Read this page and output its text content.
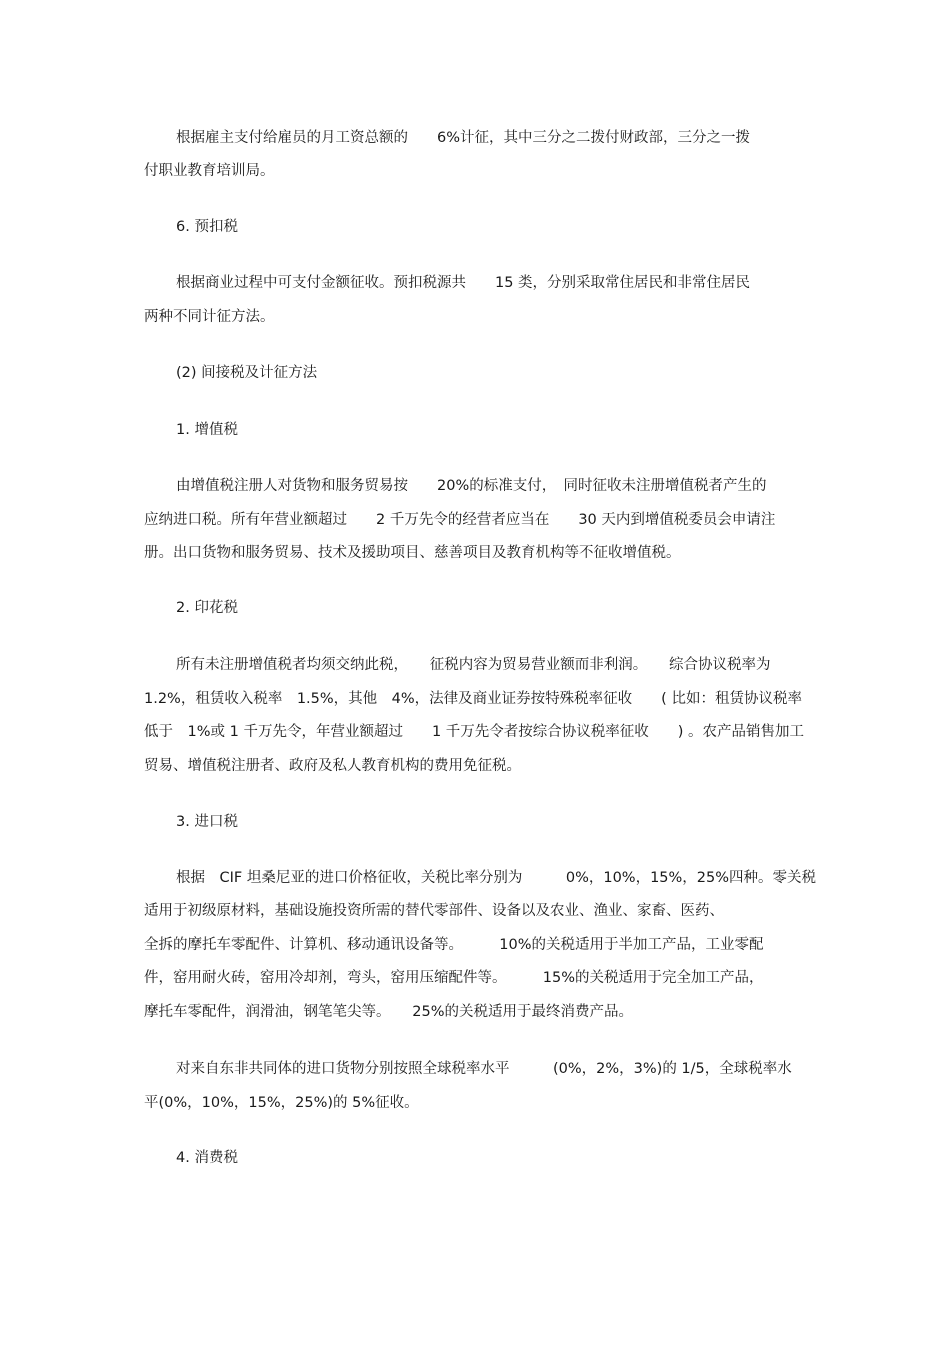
根据雇主支付给雇员的月工资总额的　　6%计征，其中三分之二拨付财政部，三分之一拨
付职业教育培训局。
6. 预扣税
根据商业过程中可支付金额征收。预扣税源共　　15 类，分别采取常住居民和非常住居民
两种不同计征方法。
(2) 间接税及计征方法
1. 增值税
由增值税注册人对货物和服务贸易按　　20%的标准支付，　同时征收未注册增值税者产生的
应纳进口税。所有年营业额超过　　2 千万先令的经营者应当在　　30 天内到增值税委员会申请注
册。出口货物和服务贸易、技术及援助项目、慈善项目及教育机构等不征收增值税。
2. 印花税
所有未注册增值税者均须交纳此税，　　征税内容为贸易营业额而非利润。　　综合协议税率为
1.2%，租赁收入税率　1.5%，其他　4%，法律及商业证券按特殊税率征收　　( 比如：租赁协议税率
低于　1%或 1 千万先令，年营业额超过　　1 千万先令者按综合协议税率征收　　) 。农产品销售加工
贸易、增值税注册者、政府及私人教育机构的费用免征税。
3. 进口税
根据　CIF 坦桑尼亚的进口价格征收，关税比率分别为　　　0%，10%，15%，25%四种。零关税
适用于初级原材料，基础设施投资所需的替代零部件、设备以及农业、渔业、家畜、医药、
全拆的摩托车零配件、计算机、移动通讯设备等。　　　10%的关税适用于半加工产品，工业零配
件，窑用耐火砖，窑用冷却剂，弯头，窑用压缩配件等。　　　15%的关税适用于完全加工产品，
摩托车零配件，润滑油，钢笔笔尖等。　　25%的关税适用于最终消费产品。
对来自东非共同体的进口货物分别按照全球税率水平　　　(0%，2%，3%)的 1/5，全球税率水
平(0%，10%，15%，25%)的 5%征收。
4. 消费税
